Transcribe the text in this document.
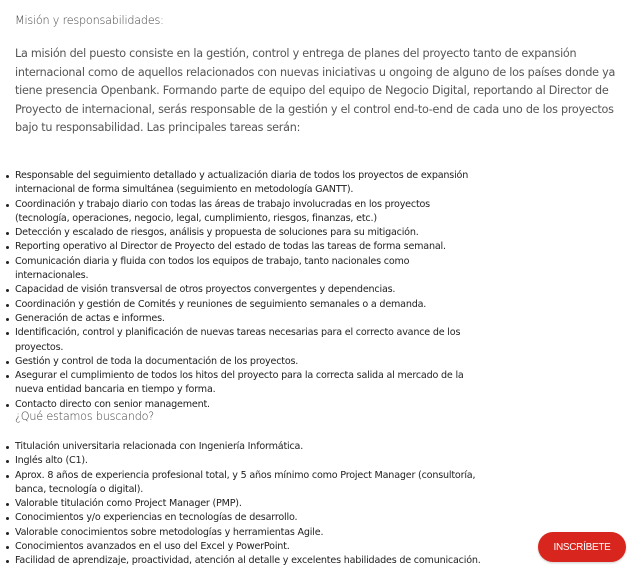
Misión y responsabilidades:

La misión del puesto consiste en la gestión, control y entrega de planes del proyecto tanto de expansión internacional como de aquellos relacionados con nuevas iniciativas u ongoing de alguno de los países donde ya tiene presencia Openbank. Formando parte de equipo del equipo de Negocio Digital, reportando al Director de Proyecto de internacional, serás responsable de la gestión y el control end-to-end de cada uno de los proyectos bajo tu responsabilidad. Las principales tareas serán:

Responsable del seguimiento detallado y actualización diaria de todos los proyectos de expansión internacional de forma simultánea (seguimiento en metodología GANTT).
Coordinación y trabajo diario con todas las áreas de trabajo involucradas en los proyectos (tecnología, operaciones, negocio, legal, cumplimiento, riesgos, finanzas, etc.)
Detección y escalado de riesgos, análisis y propuesta de soluciones para su mitigación.
Reporting operativo al Director de Proyecto del estado de todas las tareas de forma semanal.
Comunicación diaria y fluida con todos los equipos de trabajo, tanto nacionales como internacionales.
Capacidad de visión transversal de otros proyectos convergentes y dependencias.
Coordinación y gestión de Comités y reuniones de seguimiento semanales o a demanda.
Generación de actas e informes.
Identificación, control y planificación de nuevas tareas necesarias para el correcto avance de los proyectos.
Gestión y control de toda la documentación de los proyectos.
Asegurar el cumplimiento de todos los hitos del proyecto para la correcta salida al mercado de la nueva entidad bancaria en tiempo y forma.
Contacto directo con senior management.
¿Qué estamos buscando?
Titulación universitaria relacionada con Ingeniería Informática.
Inglés alto (C1).
Aprox. 8 años de experiencia profesional total, y 5 años mínimo como Project Manager (consultoría, banca, tecnología o digital).
Valorable titulación como Project Manager (PMP).
Conocimientos y/o experiencias en tecnologías de desarrollo.
Valorable conocimientos sobre metodologías y herramientas Agile.
Conocimientos avanzados en el uso del Excel y PowerPoint.
Facilidad de aprendizaje, proactividad, atención al detalle y excelentes habilidades de comunicación.
INSCRÍBETE
